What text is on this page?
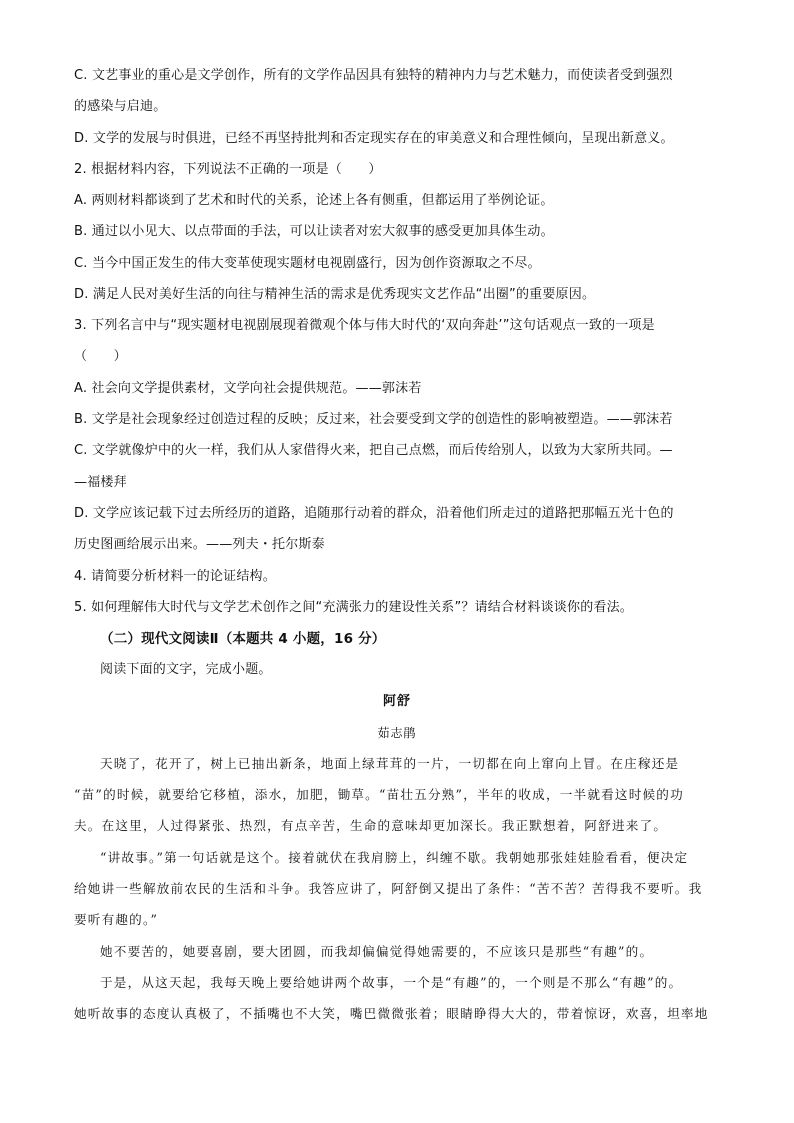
C. 文艺事业的重心是文学创作，所有的文学作品因具有独特的精神内力与艺术魅力，而使读者受到强烈
的感染与启迪。
D. 文学的发展与时俱进，已经不再坚持批判和否定现实存在的审美意义和合理性倾向，呈现出新意义。
2. 根据材料内容，下列说法不正确的一项是（　　）
A. 两则材料都谈到了艺术和时代的关系，论述上各有侧重，但都运用了举例论证。
B. 通过以小见大、以点带面的手法，可以让读者对宏大叙事的感受更加具体生动。
C. 当今中国正发生的伟大变革使现实题材电视剧盛行，因为创作资源取之不尽。
D. 满足人民对美好生活的向往与精神生活的需求是优秀现实文艺作品“出圈”的重要原因。
3. 下列名言中与“现实题材电视剧展现着微观个体与伟大时代的‘双向奔赴’”这句话观点一致的一项是
（　　）
A. 社会向文学提供素材，文学向社会提供规范。——郭沫若
B. 文学是社会现象经过创造过程的反映；反过来，社会要受到文学的创造性的影响被塑造。——郭沫若
C. 文学就像炉中的火一样，我们从人家借得火来，把自己点燃，而后传给别人，以致为大家所共同。—
—福楼拜
D. 文学应该记载下过去所经历的道路，追随那行动着的群众，沿着他们所走过的道路把那幅五光十色的
历史图画给展示出来。——列夫・托尔斯泰
4. 请简要分析材料一的论证结构。
5. 如何理解伟大时代与文学艺术创作之间“充满张力的建设性关系”？请结合材料谈谈你的看法。
（二）现代文阅读Ⅱ（本题共 4 小题，16 分）
阅读下面的文字，完成小题。
阿舒
茹志鹃
天晓了，花开了，树上已抽出新条，地面上绿茸茸的一片，一切都在向上窜向上冒。在庄稼还是
“苗”的时候，就要给它移植，添水，加肥，锄草。“苗壮五分熟”，半年的收成，一半就看这时候的功
夫。在这里，人过得紧张、热烈，有点辛苦，生命的意味却更加深长。我正默想着，阿舒进来了。
“讲故事。”第一句话就是这个。接着就伏在我肩膀上，纠缠不歇。我朝她那张娃娃脸看看，便决定
给她讲一些解放前农民的生活和斗争。我答应讲了，阿舒倒又提出了条件：“苦不苦？苦得我不要听。我
要听有趣的。”
她不要苦的，她要喜剧，要大团圆，而我却偏偏觉得她需要的，不应该只是那些“有趣”的。
于是，从这天起，我每天晚上要给她讲两个故事，一个是“有趣”的，一个则是不那么“有趣”的。
她听故事的态度认真极了，不插嘴也不大笑，嘴巴微微张着；眼睛睁得大大的，带着惊讶，欢喜，坦率地
